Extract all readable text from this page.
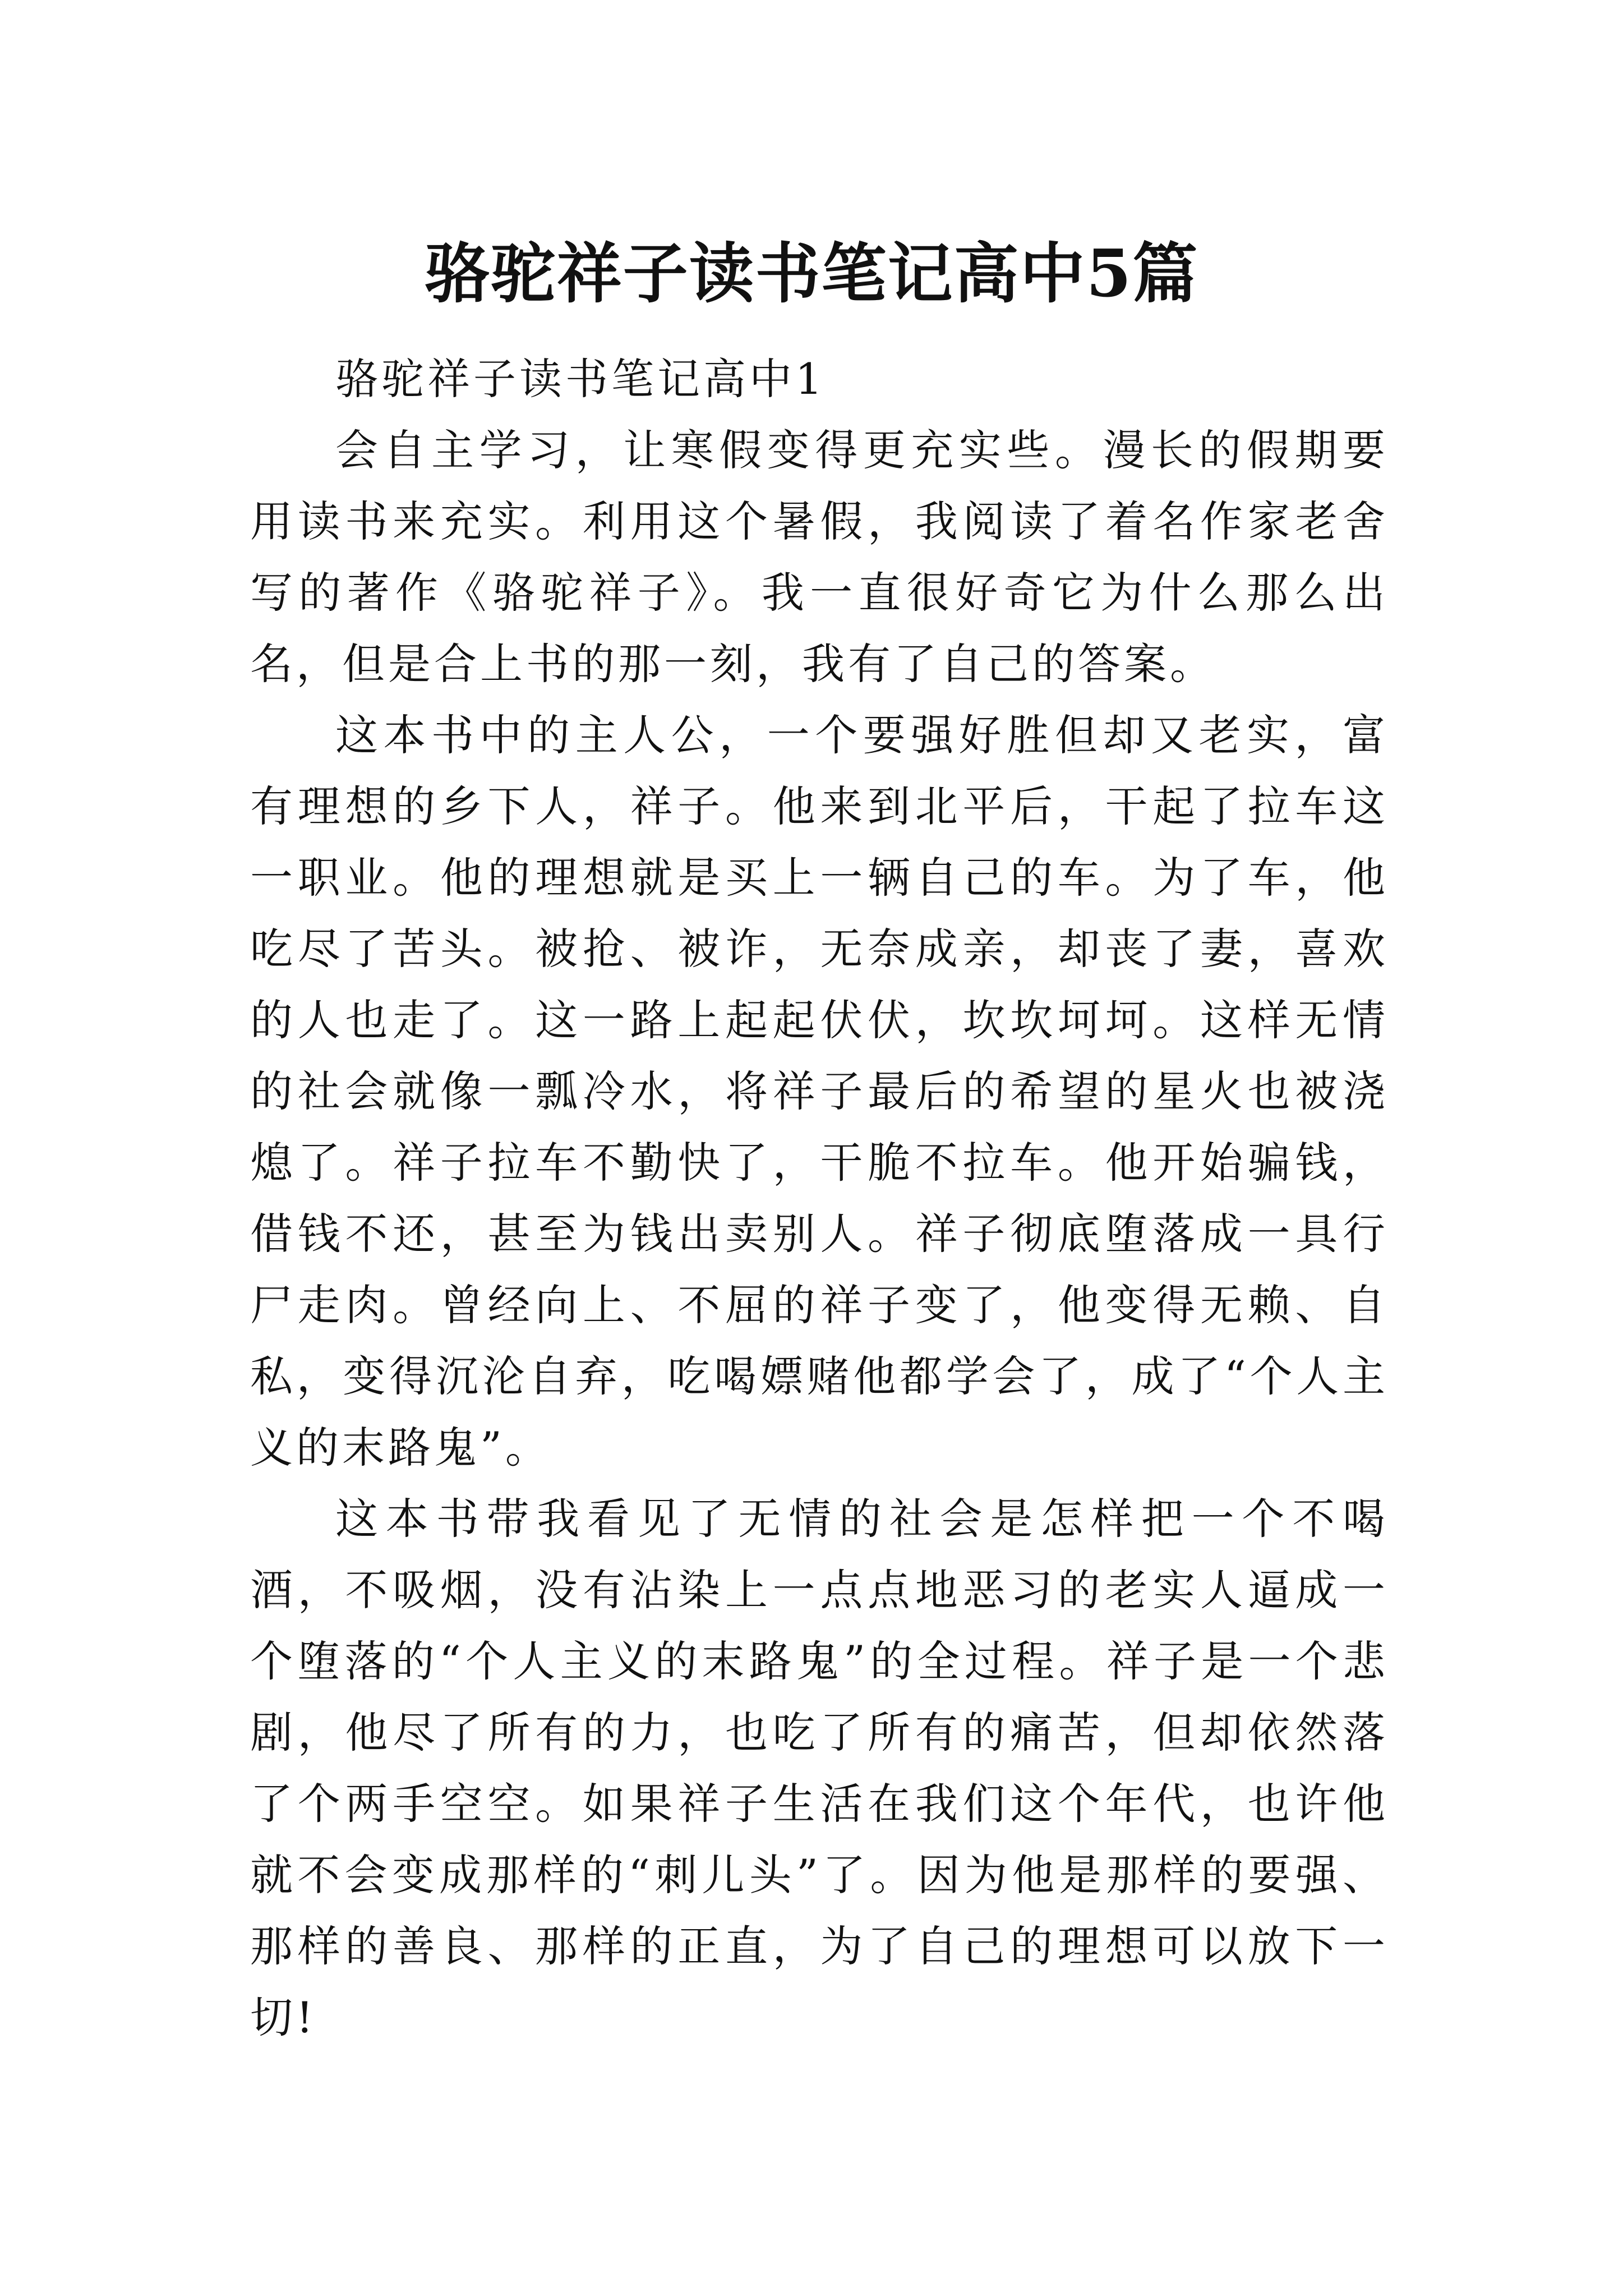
骆驼祥子读书笔记高中5篇

骆驼祥子读书笔记高中1

会自主学习，让寒假变得更充实些。漫长的假期要用读书来充实。利用这个暑假，我阅读了着名作家老舍写的著作《骆驼祥子》。我一直很好奇它为什么那么出名，但是合上书的那一刻，我有了自己的答案。

这本书中的主人公，一个要强好胜但却又老实，富有理想的乡下人，祥子。他来到北平后，干起了拉车这一职业。他的理想就是买上一辆自己的车。为了车，他吃尽了苦头。被抢、被诈，无奈成亲，却丧了妻，喜欢的人也走了。这一路上起起伏伏，坎坎坷坷。这样无情的社会就像一瓢冷水，将祥子最后的希望的星火也被浇熄了。祥子拉车不勤快了，干脆不拉车。他开始骗钱，借钱不还，甚至为钱出卖别人。祥子彻底堕落成一具行尸走肉。曾经向上、不屈的祥子变了，他变得无赖、自私，变得沉沦自弃，吃喝嫖赌他都学会了，成了“个人主义的末路鬼”。

这本书带我看见了无情的社会是怎样把一个不喝酒，不吸烟，没有沾染上一点点地恶习的老实人逼成一个堕落的“个人主义的末路鬼”的全过程。祥子是一个悲剧，他尽了所有的力，也吃了所有的痛苦，但却依然落了个两手空空。如果祥子生活在我们这个年代，也许他就不会变成那样的“刺儿头”了。因为他是那样的要强、那样的善良、那样的正直，为了自己的理想可以放下一切!
